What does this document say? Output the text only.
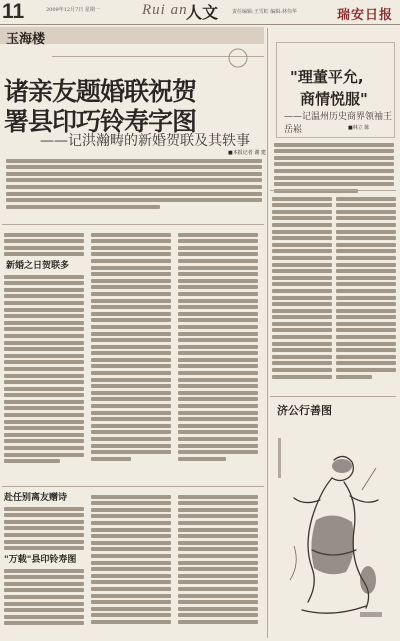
11	2009年12月7日 星期一	Rui an
人文	责任编辑:王雪虹 编辑:林伟华	瑞安日报
玉海楼
诸亲友题婚联祝贺
署县印巧铃寿字图
——记洪瀚畴的新婚贺联及其轶事
■本报记者 谢 建
新婚之日贺联多
赴任别离友赠诗
"万载"县印铃寿图
"理董平允,
商情悦服"
——记温州历史商界领袖王岳崧	■林立 陈
济公行善图
